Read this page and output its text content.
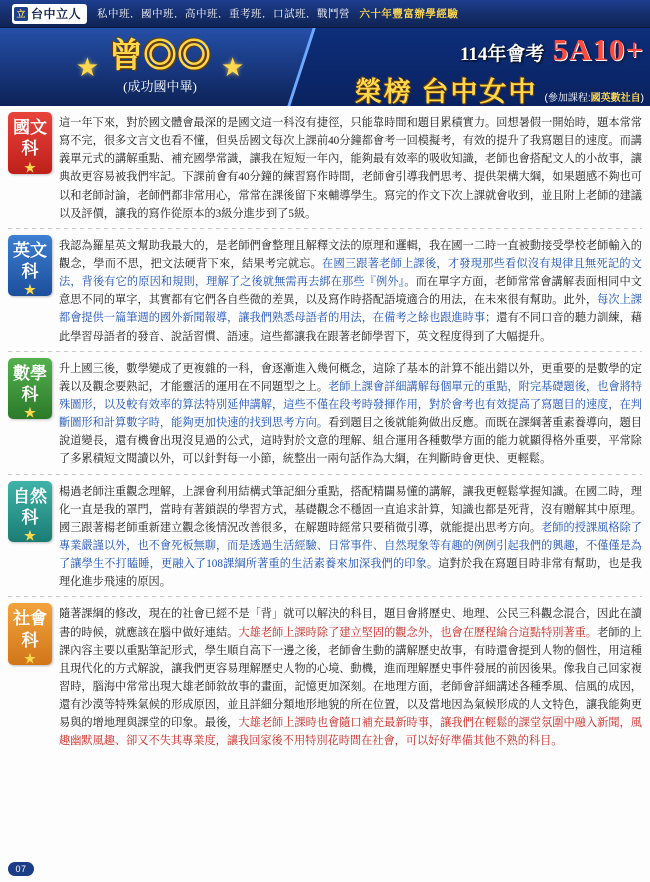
立 台中立人 私中班．國中班．高中班．重考班．口試班．戰鬥營 六十年豐富辦學經驗
★ 曾◎◎
(成功國中畢)
★	114年會考 5A10+
榮榜 台中女中 (參加課程:國英數社自)
國文科
★
這一年下來，對於國文體會最深的是國文這一科沒有捷徑，只能靠時間和題目累積實力。回想暑假一開始時，題本常常寫不完，很多文言文也看不懂，但吳岳國文每次上課前40分鐘都會考一回模擬考，有效的提升了我寫題目的速度。而講義單元式的講解重點、補充國學常識，讓我在短短一年內，能夠最有效率的吸收知識，老師也會搭配文人的小故事，讓典故更容易被我們牢記。下課前會有40分鐘的練習寫作時間，老師會引導我們思考、提供架構大綱，如果題感不夠也可以和老師討論，老師們都非常用心，常常在課後留下來輔導學生。寫完的作文下次上課就會收到，並且附上老師的建議以及評價，讓我的寫作從原本的3級分進步到了5級。
英文科
★
我認為羅星英文幫助我最大的，是老師們會整理且解釋文法的原理和邏輯，我在國一二時一直被動接受學校老師輸入的觀念，學而不思，把文法硬背下來，結果考完就忘。在國三跟著老師上課後，才發現那些看似沒有規律且無死記的文法，背後有它的原因和規則，理解了之後就無需再去綁在那些『例外』。而在單字方面，老師常常會講解表面相同中文意思不同的單字，其實都有它們各自些微的差異，以及寫作時搭配語境適合的用法，在未來很有幫助。此外，每次上課都會提供一篇筆週的國外新聞報導，讓我們熟悉母語者的用法，在備考之餘也跟進時事；還有不同口音的聽力訓練，藉此學習母語者的發音、說話習慣、語速。這些都讓我在跟著老師學習下，英文程度得到了大幅提升。
數學科
★
升上國三後，數學變成了更複雜的一科，會逐漸進入幾何概念，這除了基本的計算不能出錯以外，更重要的是數學的定義以及觀念要熟記，才能靈活的運用在不同題型之上。老師上課會詳細講解每個單元的重點，附完基礎題後，也會將特殊圖形，以及較有效率的算法特別延伸講解，這些不僅在段考時發揮作用，對於會考也有效提高了寫題目的速度，在判斷圖形和計算數字時，能夠更加快速的找到思考方向。看到題目之後就能夠做出反應。而既在課綱著重素養導向，題目說道變長，還有機會出現沒見過的公式，這時對於文意的理解、組合運用各種數學方面的能力就顯得格外重要，平常除了多累積短文閱讀以外，可以針對每一小節，統整出一兩句話作為大綱，在判斷時會更快、更輕鬆。
自然科
★
楊過老師注重觀念理解，上課會利用結構式筆記細分重點，搭配精闢易懂的講解，讓我更輕鬆掌握知識。在國二時，理化一直是我的罩門，當時有著鎖誤的學習方式，基礎觀念不穩固一直追求計算，知識也都是死背，沒有贈解其中原理。國三跟著楊老師重新建立觀念後情況改善很多，在解題時經常只要稍微引導，就能提出思考方向。老師的授課風格除了專業嚴謹以外，也不會死板無聊，而是透過生活經驗、日常事件、自然現象等有趣的例例引起我們的興趣，不僅僅是為了讓學生不打瞌睡，更融入了108課綱所著重的生活素養來加深我們的印象。這對於我在寫題目時非常有幫助，也是我理化進步飛速的原因。
社會科
★
隨著課綱的修改，現在的社會已經不是「背」就可以解決的科目，題目會將歷史、地理、公民三科觀念混合，因此在讀書的時候，就應該在腦中做好連結。大雄老師上課時除了建立堅固的觀念外，也會在歷程綸合這點特別著重。老師的上課內容主要以重點筆記形式，學生順自高下一邊之後，老師會生動的講解歷史故事，有時還會提到人物的個性，用這種且現代化的方式解說，讓我們更容易理解歷史人物的心境、動機，進而理解歷史事件發展的前因後果。像我自己回家複習時，腦海中常常出現大雄老師敘故事的畫面，記憶更加深刻。在地理方面，老師會詳細講述各種季風、信風的成因，還有沙漠等特殊氣候的形成原因，並且詳細分類地形地貌的所在位置，以及當地因為氣候形成的人文特色，讓我能夠更易與的增地理與課堂的印象。最後，大雄老師上課時也會隨口補充最新時事，讓我們在輕鬆的課堂氛圍中融入新聞，風趣幽默風趣、卻又不失其專業度，讓我回家後不用特別花時間在社會，可以好好準備其他不熟的科目。
07
